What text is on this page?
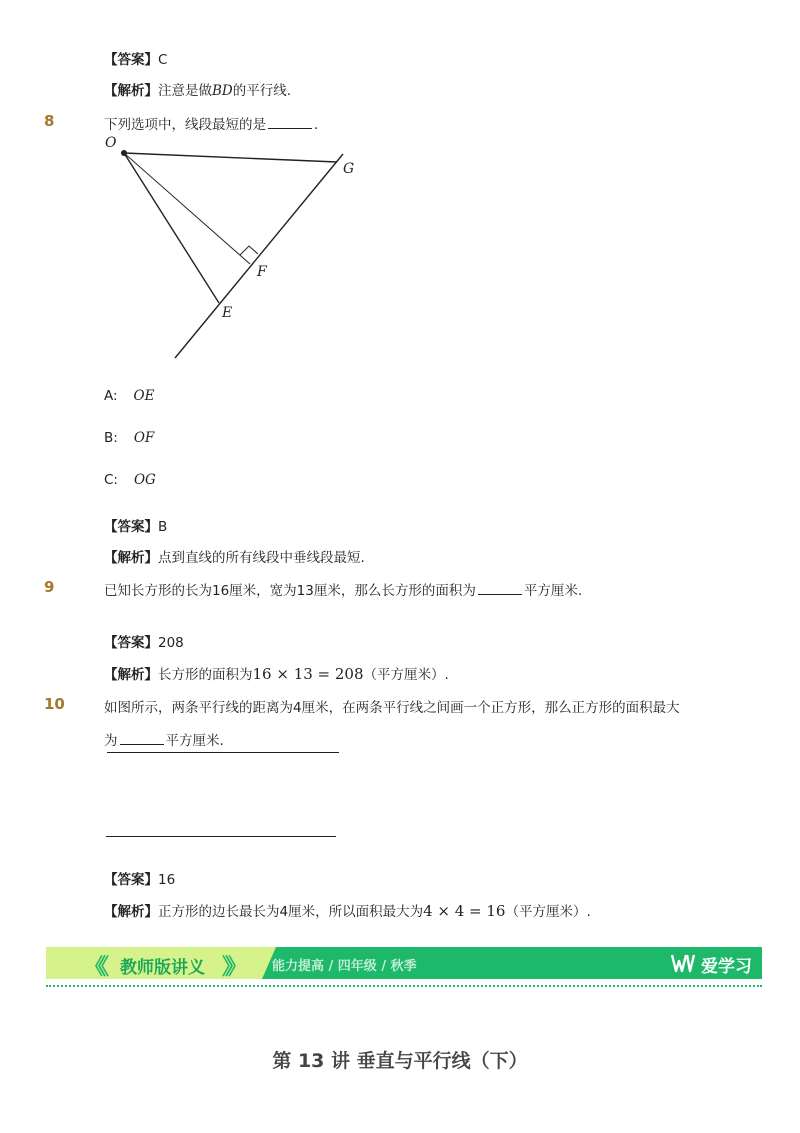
【答案】C
【解析】注意是做BD的平行线.
8	下列选项中，线段最短的是	.
O
G
F
E
A: OE
B: OF
C: OG
【答案】B
【解析】点到直线的所有线段中垂线段最短.
9	已知长方形的长为16厘米，宽为13厘米，那么长方形的面积为	平方厘米.
【答案】208
【解析】长方形的面积为16 × 13 = 208（平方厘米）.
10	如图所示，两条平行线的距离为4厘米，在两条平行线之间画一个正方形，那么正方形的面积最大
为	平方厘米.
【答案】16
【解析】正方形的边长最长为4厘米，所以面积最大为4 × 4 = 16（平方厘米）.
《《 教师版讲义 》》	能力提高 / 四年级 / 秋季	爱学习
第 13 讲 垂直与平行线（下）
